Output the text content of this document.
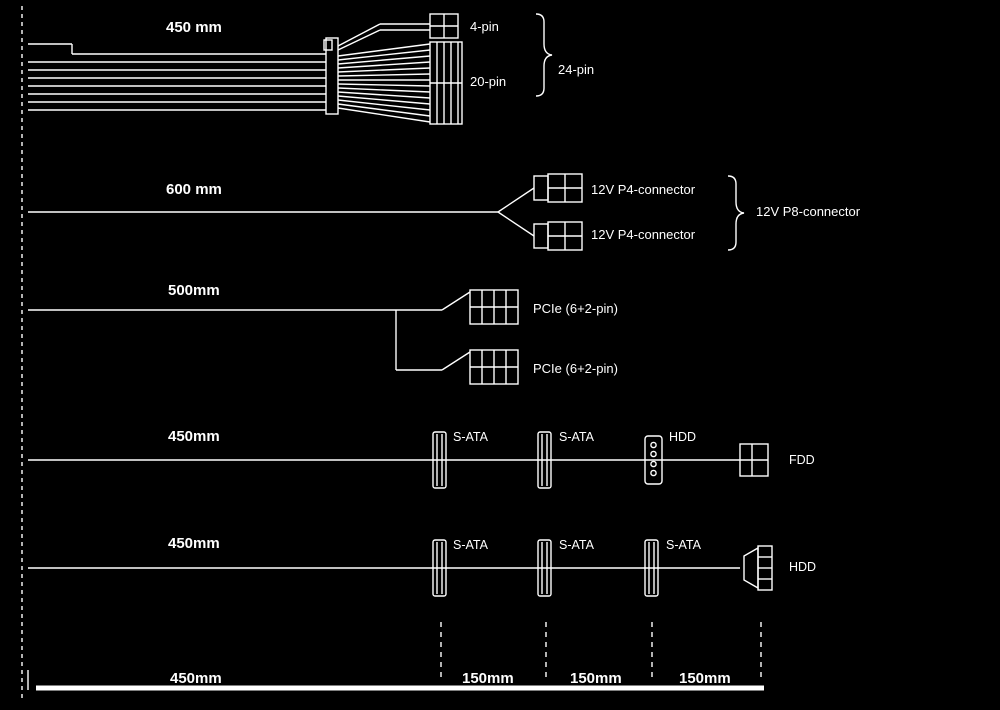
450 mm	4-pin
20-pin
24-pin
600 mm	12V P4-connector
12V P4-connector
12V P8-connector
500mm
PCIe (6+2-pin)
PCIe (6+2-pin)
450mm	S-ATA	S-ATA	HDD
FDD
450mm	S-ATA	S-ATA	S-ATA
HDD
450mm	150mm	150mm	150mm
